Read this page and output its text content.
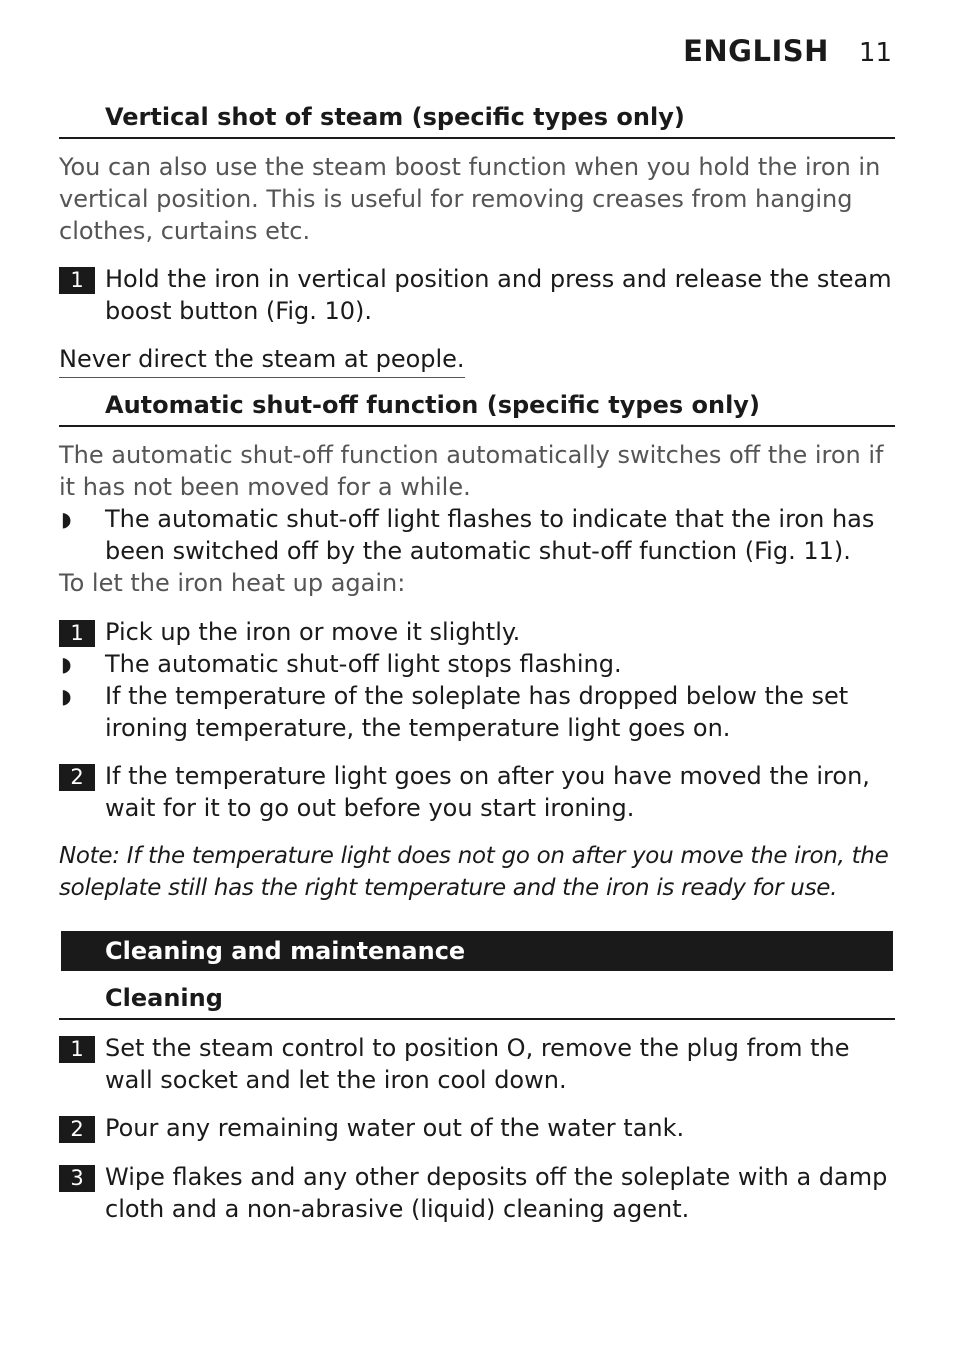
ENGLISH 11
Vertical shot of steam (specific types only)
You can also use the steam boost function when you hold the iron in vertical position. This is useful for removing creases from hanging clothes, curtains etc.
1 Hold the iron in vertical position and press and release the steam boost button (Fig. 10).
Never direct the steam at people.
Automatic shut-off function (specific types only)
The automatic shut-off function automatically switches off the iron if it has not been moved for a while.
◗ The automatic shut-off light flashes to indicate that the iron has been switched off by the automatic shut-off function (Fig. 11).
To let the iron heat up again:
1 Pick up the iron or move it slightly.
◗ The automatic shut-off light stops flashing.
◗ If the temperature of the soleplate has dropped below the set ironing temperature, the temperature light goes on.
2 If the temperature light goes on after you have moved the iron, wait for it to go out before you start ironing.
Note: If the temperature light does not go on after you move the iron, the soleplate still has the right temperature and the iron is ready for use.
Cleaning and maintenance
Cleaning
1 Set the steam control to position O, remove the plug from the wall socket and let the iron cool down.
2 Pour any remaining water out of the water tank.
3 Wipe flakes and any other deposits off the soleplate with a damp cloth and a non-abrasive (liquid) cleaning agent.
